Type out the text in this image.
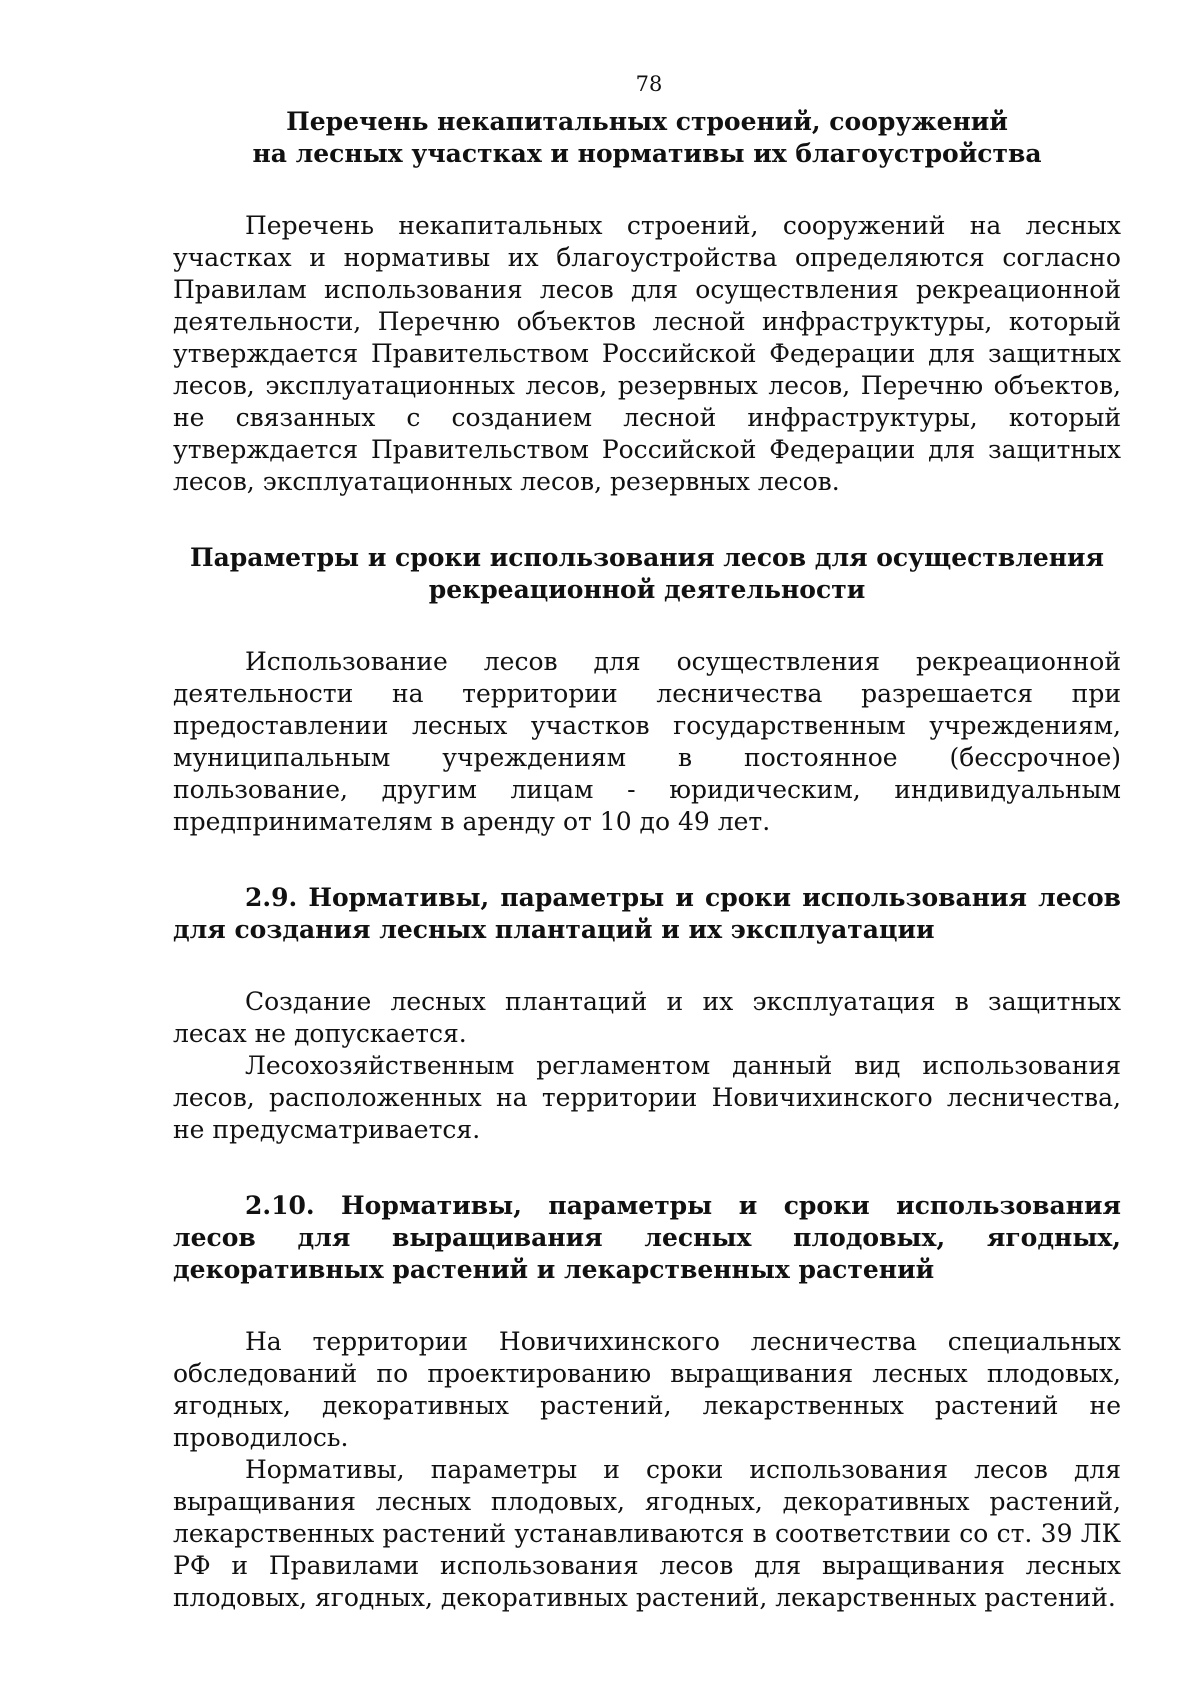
78
Перечень некапитальных строений, сооружений
на лесных участках и нормативы их благоустройства

Перечень некапитальных строений, сооружений на лесных участках и нормативы их благоустройства определяются согласно Правилам использования лесов для осуществления рекреационной деятельности, Перечню объектов лесной инфраструктуры, который утверждается Правительством Российской Федерации для защитных лесов, эксплуатационных лесов, резервных лесов, Перечню объектов, не связанных с созданием лесной инфраструктуры, который утверждается Правительством Российской Федерации для защитных лесов, эксплуатационных лесов, резервных лесов.

Параметры и сроки использования лесов для осуществления
рекреационной деятельности

Использование лесов для осуществления рекреационной деятельности на территории лесничества разрешается при предоставлении лесных участков государственным учреждениям, муниципальным учреждениям в постоянное (бессрочное) пользование, другим лицам - юридическим, индивидуальным предпринимателям в аренду от 10 до 49 лет.

2.9. Нормативы, параметры и сроки использования лесов для создания лесных плантаций и их эксплуатации

Создание лесных плантаций и их эксплуатация в защитных лесах не допускается.

Лесохозяйственным регламентом данный вид использования лесов, расположенных на территории Новичихинского лесничества, не предусматривается.

2.10. Нормативы, параметры и сроки использования лесов для выращивания лесных плодовых, ягодных, декоративных растений и лекарственных растений

На территории Новичихинского лесничества специальных обследований по проектированию выращивания лесных плодовых, ягодных, декоративных растений, лекарственных растений не проводилось.

Нормативы, параметры и сроки использования лесов для выращивания лесных плодовых, ягодных, декоративных растений, лекарственных растений устанавливаются в соответствии со ст. 39 ЛК РФ и Правилами использования лесов для выращивания лесных плодовых, ягодных, декоративных растений, лекарственных растений.
